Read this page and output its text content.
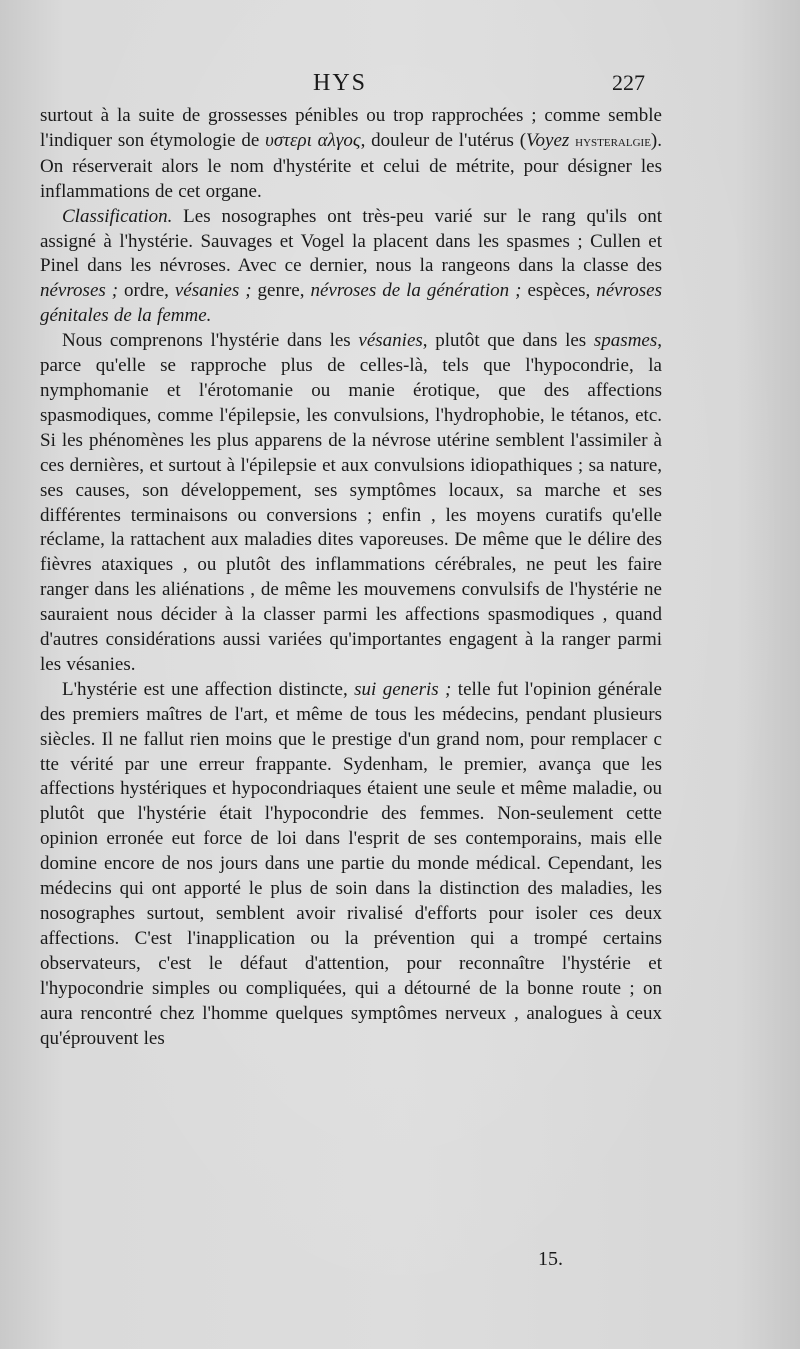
HYS	227

surtout à la suite de grossesses pénibles ou trop rapprochées ; comme semble l'indiquer son étymologie de υστερι αλγος, douleur de l'utérus (Voyez hysteralgie). On réserverait alors le nom d'hystérite et celui de métrite, pour désigner les inflammations de cet organe.

Classification. Les nosographes ont très-peu varié sur le rang qu'ils ont assigné à l'hystérie. Sauvages et Vogel la placent dans les spasmes ; Cullen et Pinel dans les névroses. Avec ce dernier, nous la rangeons dans la classe des névroses ; ordre, vésanies ; genre, névroses de la génération ; espèces, névroses génitales de la femme.

Nous comprenons l'hystérie dans les vésanies, plutôt que dans les spasmes, parce qu'elle se rapproche plus de celles-là, tels que l'hypocondrie, la nymphomanie et l'érotomanie ou manie érotique, que des affections spasmodiques, comme l'épilepsie, les convulsions, l'hydrophobie, le tétanos, etc. Si les phénomènes les plus apparens de la névrose utérine semblent l'assimiler à ces dernières, et surtout à l'épilepsie et aux convulsions idiopathiques ; sa nature, ses causes, son développement, ses symptômes locaux, sa marche et ses différentes terminaisons ou conversions ; enfin , les moyens curatifs qu'elle réclame, la rattachent aux maladies dites vaporeuses. De même que le délire des fièvres ataxiques , ou plutôt des inflammations cérébrales, ne peut les faire ranger dans les aliénations , de même les mouvemens convulsifs de l'hystérie ne sauraient nous décider à la classer parmi les affections spasmodiques , quand d'autres considérations aussi variées qu'importantes engagent à la ranger parmi les vésanies.

L'hystérie est une affection distincte, sui generis ; telle fut l'opinion générale des premiers maîtres de l'art, et même de tous les médecins, pendant plusieurs siècles. Il ne fallut rien moins que le prestige d'un grand nom, pour remplacer c tte vérité par une erreur frappante. Sydenham, le premier, avança que les affections hystériques et hypocondriaques étaient une seule et même maladie, ou plutôt que l'hystérie était l'hypocondrie des femmes. Non-seulement cette opinion erronée eut force de loi dans l'esprit de ses contemporains, mais elle domine encore de nos jours dans une partie du monde médical. Cependant, les médecins qui ont apporté le plus de soin dans la distinction des maladies, les nosographes surtout, semblent avoir rivalisé d'efforts pour isoler ces deux affections. C'est l'inapplication ou la prévention qui a trompé certains observateurs, c'est le défaut d'attention, pour reconnaître l'hystérie et l'hypocondrie simples ou compliquées, qui a détourné de la bonne route ; on aura rencontré chez l'homme quelques symptômes nerveux , analogues à ceux qu'éprouvent les

15.
